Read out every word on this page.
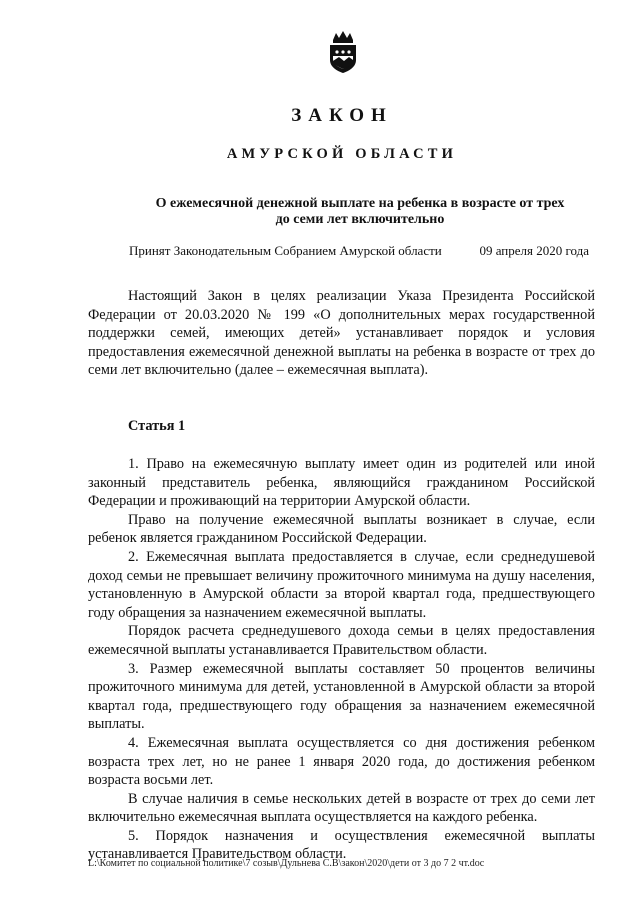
ЗАКОН
АМУРСКОЙ ОБЛАСТИ
О ежемесячной денежной выплате на ребенка в возрасте от трех
до семи лет включительно
Принят Законодательным Собранием Амурской области	09 апреля 2020 года

Настоящий Закон в целях реализации Указа Президента Российской Федерации от 20.03.2020 № 199 «О дополнительных мерах государственной поддержки семей, имеющих детей» устанавливает порядок и условия предоставления ежемесячной денежной выплаты на ребенка в возрасте от трех до семи лет включительно (далее – ежемесячная выплата).

Статья 1

1. Право на ежемесячную выплату имеет один из родителей или иной законный представитель ребенка, являющийся гражданином Российской Федерации и проживающий на территории Амурской области.

Право на получение ежемесячной выплаты возникает в случае, если ребенок является гражданином Российской Федерации.

2. Ежемесячная выплата предоставляется в случае, если среднедушевой доход семьи не превышает величину прожиточного минимума на душу населения, установленную в Амурской области за второй квартал года, предшествующего году обращения за назначением ежемесячной выплаты.

Порядок расчета среднедушевого дохода семьи в целях предоставления ежемесячной выплаты устанавливается Правительством области.

3. Размер ежемесячной выплаты составляет 50 процентов величины прожиточного минимума для детей, установленной в Амурской области за второй квартал года, предшествующего году обращения за назначением ежемесячной выплаты.

4. Ежемесячная выплата осуществляется со дня достижения ребенком возраста трех лет, но не ранее 1 января 2020 года, до достижения ребенком возраста восьми лет.

В случае наличия в семье нескольких детей в возрасте от трех до семи лет включительно ежемесячная выплата осуществляется на каждого ребенка.

5. Порядок назначения и осуществления ежемесячной выплаты устанавливается Правительством области.

L:\Комитет по социальной политике\7 созыв\Дульнева С.В\закон\2020\дети от 3 до 7 2 чт.doc
